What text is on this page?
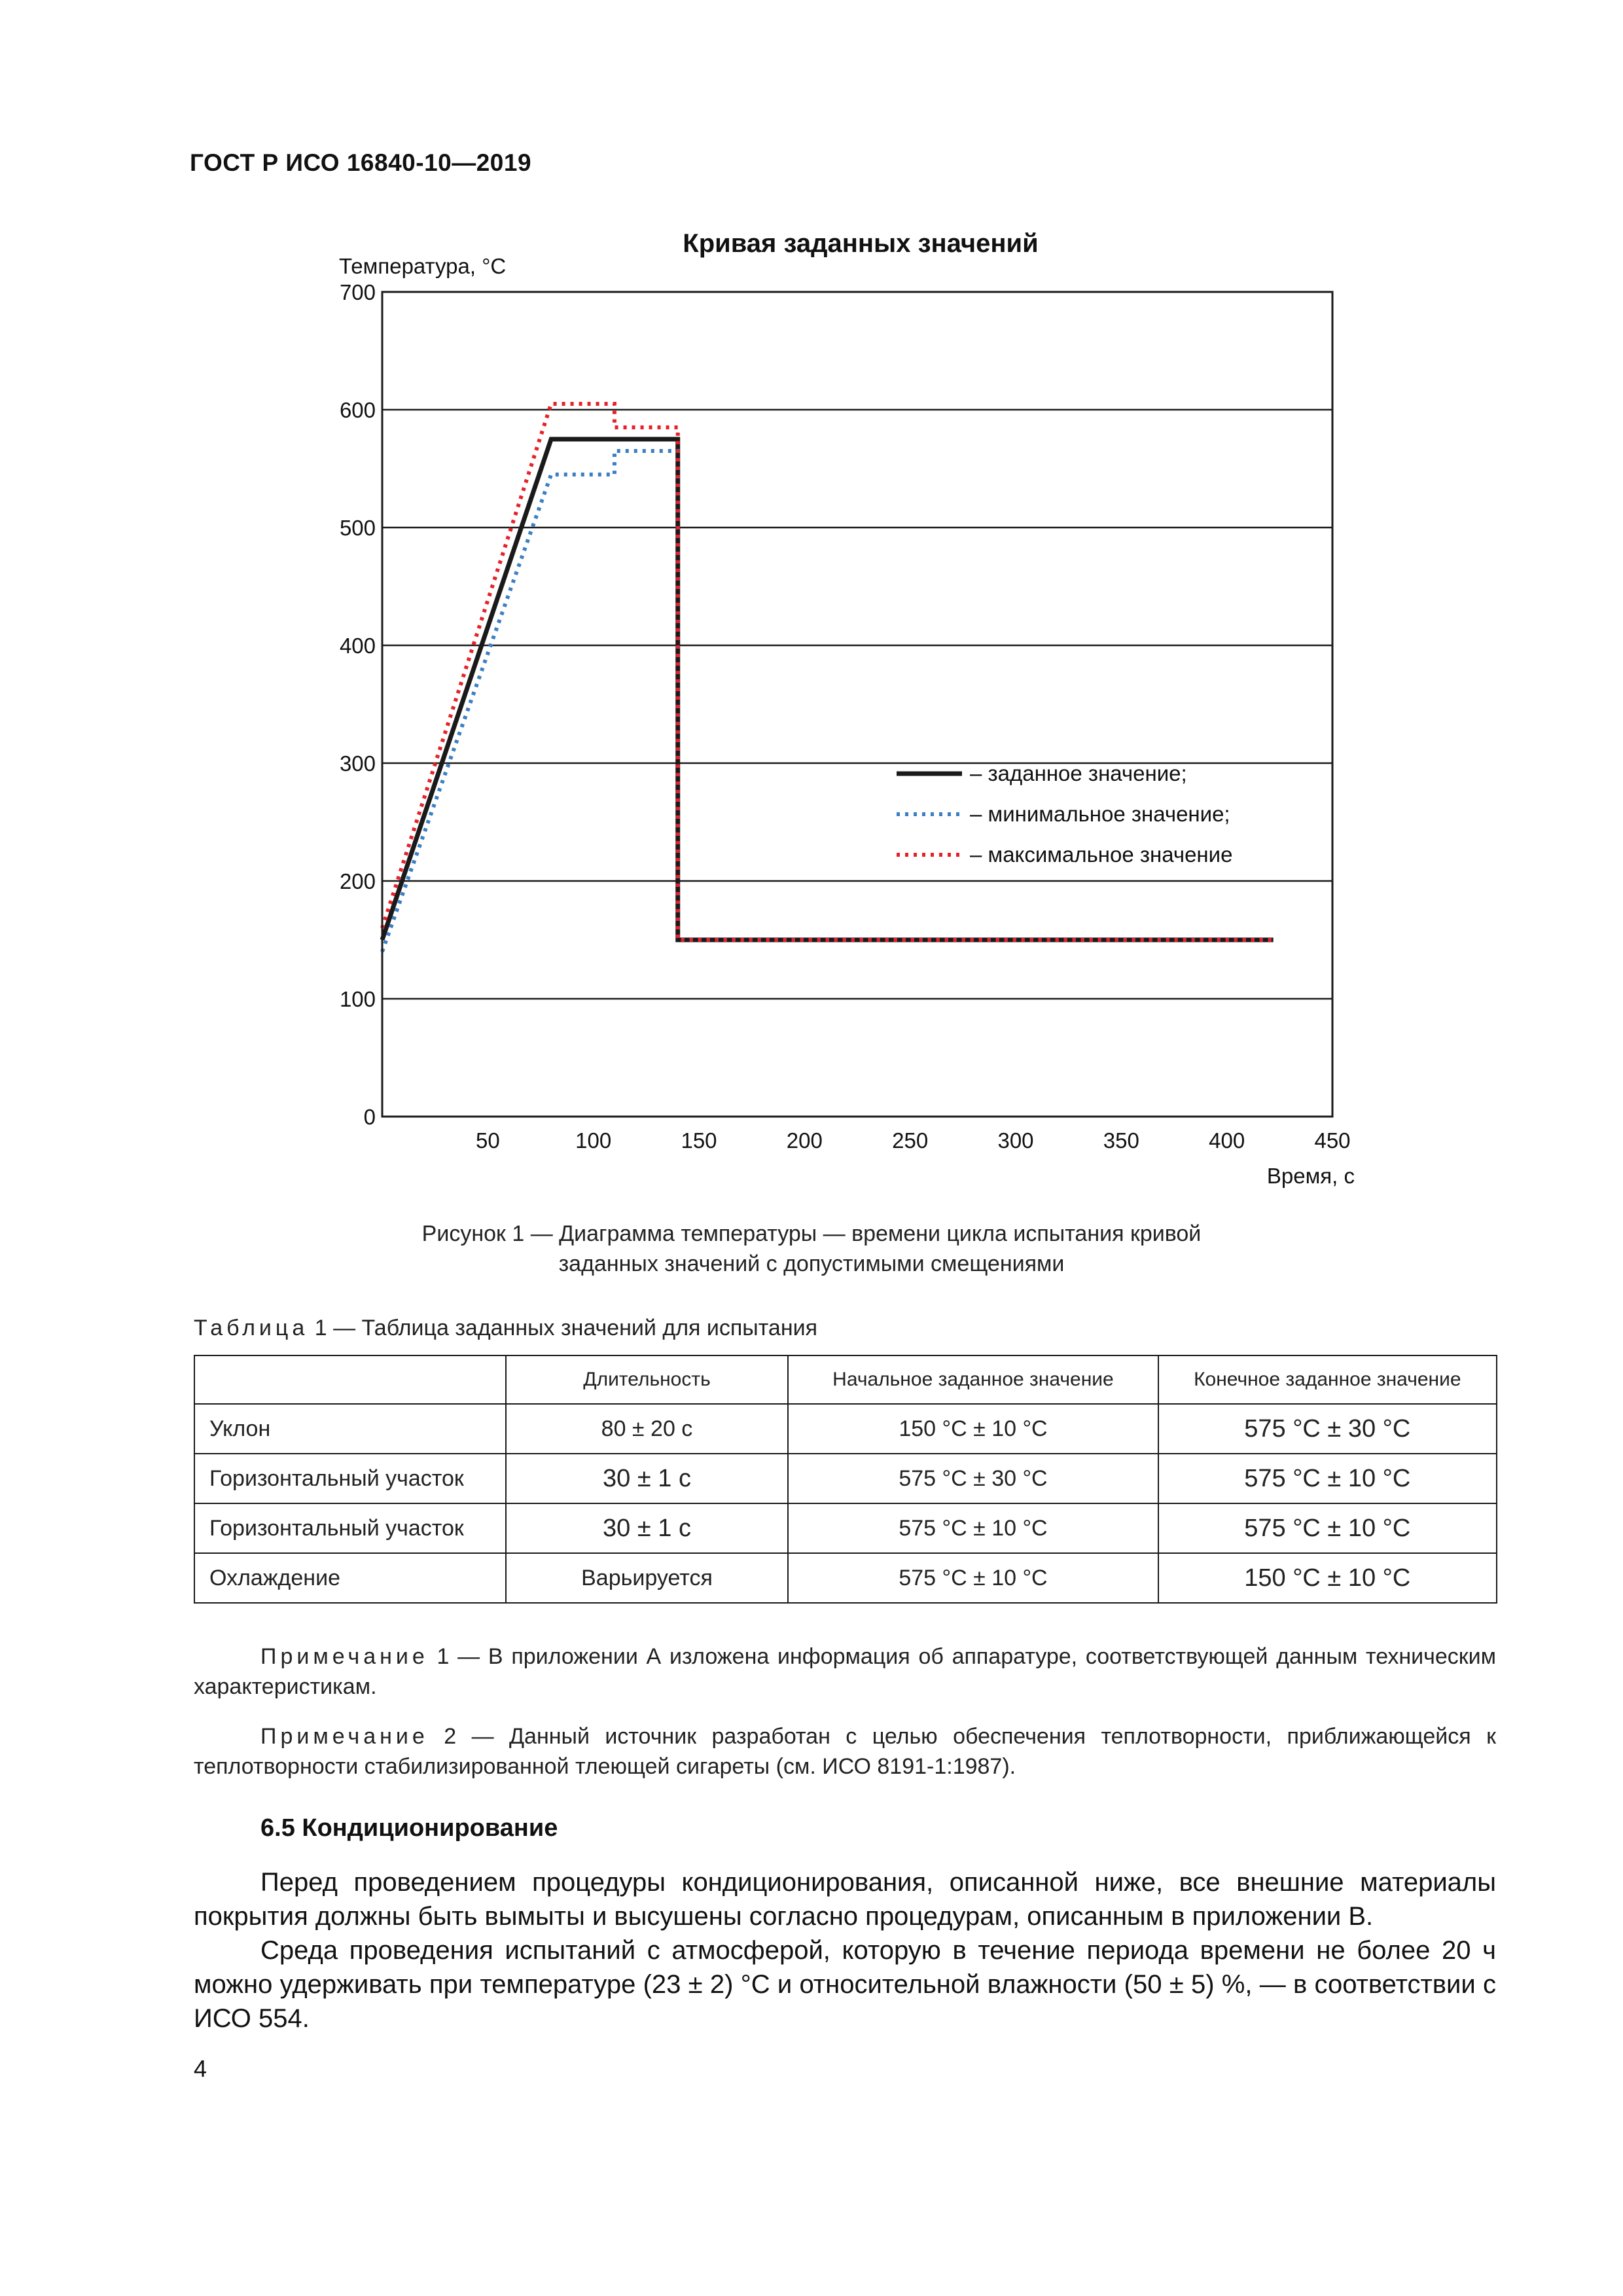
ГОСТ Р ИСО 16840-10—2019
Кривая заданных значений
Температура, °C
Время, с
0
100
200
300
400
500
600
700
50	100	150	200	250	300	350	400	450
– заданное значение;
– минимальное значение;
– максимальное значение
Рисунок 1 — Диаграмма температуры — времени цикла испытания кривой
заданных значений с допустимыми смещениями
Таблица 1 — Таблица заданных значений для испытания
	Длительность	Начальное заданное значение	Конечное заданное значение
Уклон	80 ± 20 с	150 °C ± 10 °C	575 °C ± 30 °C
Горизонтальный участок	30 ± 1 с	575 °C ± 30 °C	575 °C ± 10 °C
Горизонтальный участок	30 ± 1 с	575 °C ± 10 °C	575 °C ± 10 °C
Охлаждение	Варьируется	575 °C ± 10 °C	150 °C ± 10 °C
Примечание 1 — В приложении А изложена информация об аппаратуре, соответствующей данным техническим характеристикам.
Примечание 2 — Данный источник разработан с целью обеспечения теплотворности, приближающейся к теплотворности стабилизированной тлеющей сигареты (см. ИСО 8191-1:1987).
6.5 Кондиционирование
Перед проведением процедуры кондиционирования, описанной ниже, все внешние материалы покрытия должны быть вымыты и высушены согласно процедурам, описанным в приложении В.
Среда проведения испытаний с атмосферой, которую в течение периода времени не более 20 ч можно удерживать при температуре (23 ± 2) °C и относительной влажности (50 ± 5) %, — в соответствии с ИСО 554.
4
